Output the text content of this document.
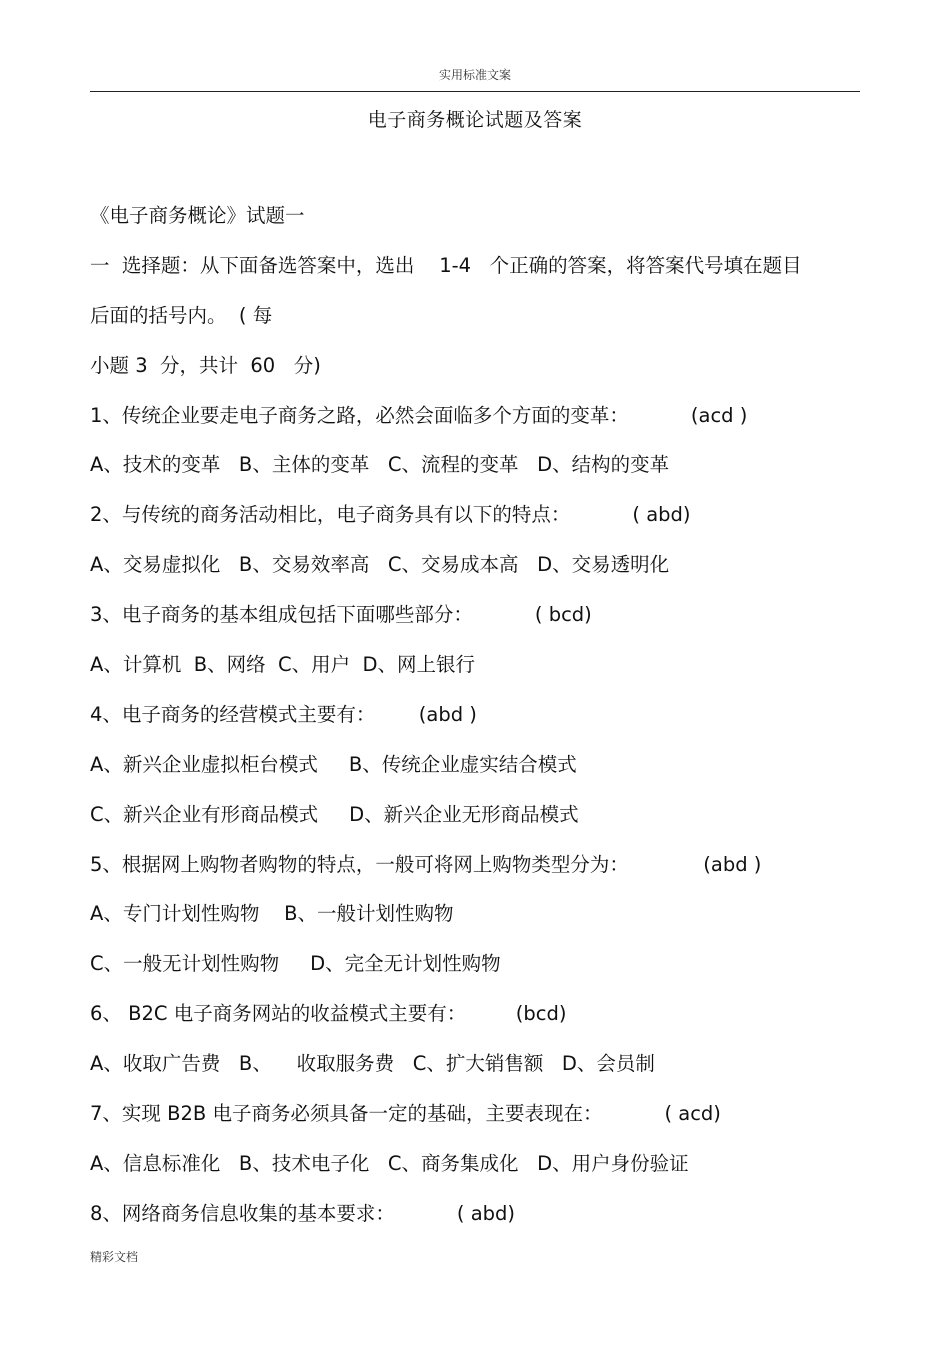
实用标准文案
电子商务概论试题及答案
《电子商务概论》试题一
一  选择题：从下面备选答案中，选出    1-4   个正确的答案，将答案代号填在题目
后面的括号内。  ( 每
小题 3  分，共计  60   分)
1、传统企业要走电子商务之路，必然会面临多个方面的变革：          (acd )
A、技术的变革   B、主体的变革   C、流程的变革   D、结构的变革
2、与传统的商务活动相比，电子商务具有以下的特点：          ( abd)
A、交易虚拟化   B、交易效率高   C、交易成本高   D、交易透明化
3、电子商务的基本组成包括下面哪些部分：          ( bcd)
A、计算机  B、网络  C、用户  D、网上银行
4、电子商务的经营模式主要有：       (abd )
A、新兴企业虚拟柜台模式     B、传统企业虚实结合模式
C、新兴企业有形商品模式     D、新兴企业无形商品模式
5、根据网上购物者购物的特点，一般可将网上购物类型分为：            (abd )
A、专门计划性购物    B、一般计划性购物
C、一般无计划性购物     D、完全无计划性购物
6、 B2C 电子商务网站的收益模式主要有：        (bcd)
A、收取广告费   B、    收取服务费   C、扩大销售额   D、会员制
7、实现 B2B 电子商务必须具备一定的基础，主要表现在：          ( acd)
A、信息标准化   B、技术电子化   C、商务集成化   D、用户身份验证
8、网络商务信息收集的基本要求：          ( abd)
精彩文档
